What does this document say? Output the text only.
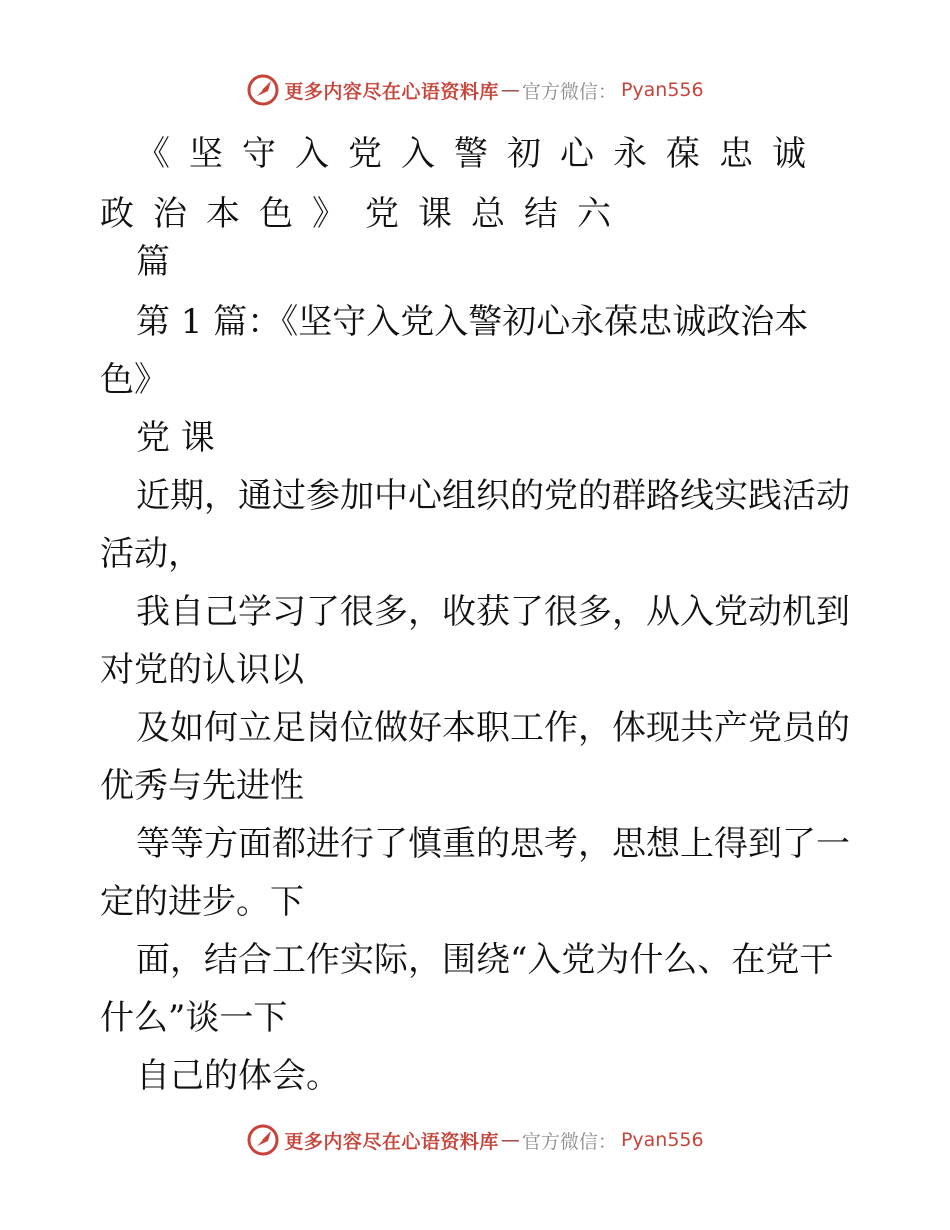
更多内容尽在心语资料库 — 官方微信： Pyan556
《坚守入党入警初心永葆忠诚政治本色》党课总结六
篇
第 1 篇：《坚守入党入警初心永葆忠诚政治本
色》
党 课
近期，通过参加中心组织的党的群路线实践活动
活动，
我自己学习了很多，收获了很多，从入党动机到
对党的认识以
及如何立足岗位做好本职工作，体现共产党员的
优秀与先进性
等等方面都进行了慎重的思考，思想上得到了一
定的进步。下
面，结合工作实际，围绕“入党为什么、在党干
什么”谈一下
自己的体会。
更多内容尽在心语资料库 — 官方微信： Pyan556
